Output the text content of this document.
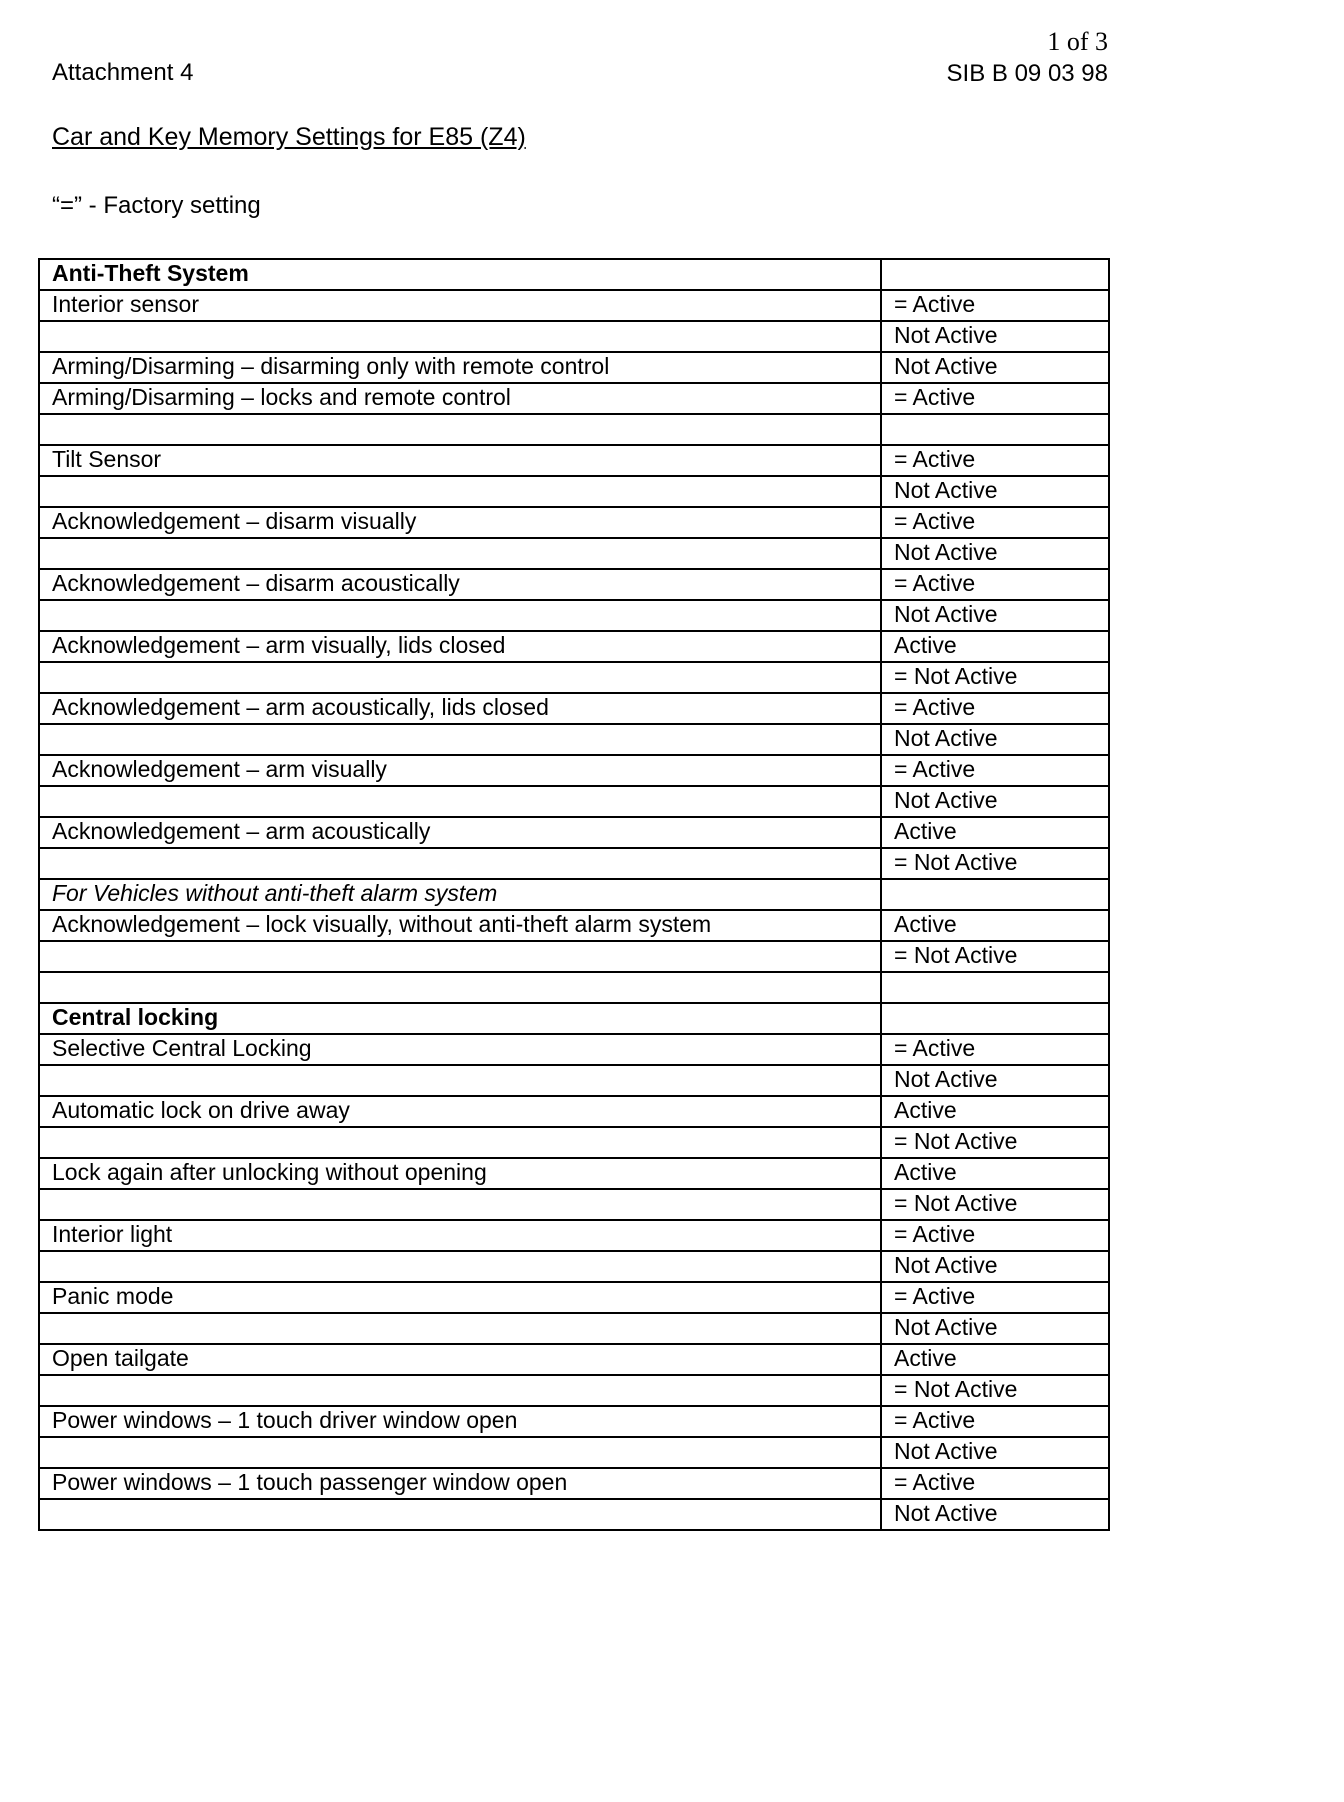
Attachment 4
1 of 3
SIB B 09 03 98
Car and Key Memory Settings for E85 (Z4)
“=” - Factory setting
Anti-Theft System	
Interior sensor	= Active
	Not Active
Arming/Disarming – disarming only with remote control	Not Active
Arming/Disarming – locks and remote control	= Active

Tilt Sensor	= Active
	Not Active
Acknowledgement – disarm visually	= Active
	Not Active
Acknowledgement – disarm acoustically	= Active
	Not Active
Acknowledgement – arm visually, lids closed	Active
	= Not Active
Acknowledgement – arm acoustically, lids closed	= Active
	Not Active
Acknowledgement – arm visually	= Active
	Not Active
Acknowledgement – arm acoustically	Active
	= Not Active
For Vehicles without anti-theft alarm system	
Acknowledgement – lock visually, without anti-theft alarm system	Active
	= Not Active

Central locking	
Selective Central Locking	= Active
	Not Active
Automatic lock on drive away	Active
	= Not Active
Lock again after unlocking without opening	Active
	= Not Active
Interior light	= Active
	Not Active
Panic mode	= Active
	Not Active
Open tailgate	Active
	= Not Active
Power windows – 1 touch driver window open	= Active
	Not Active
Power windows – 1 touch passenger window open	= Active
	Not Active
